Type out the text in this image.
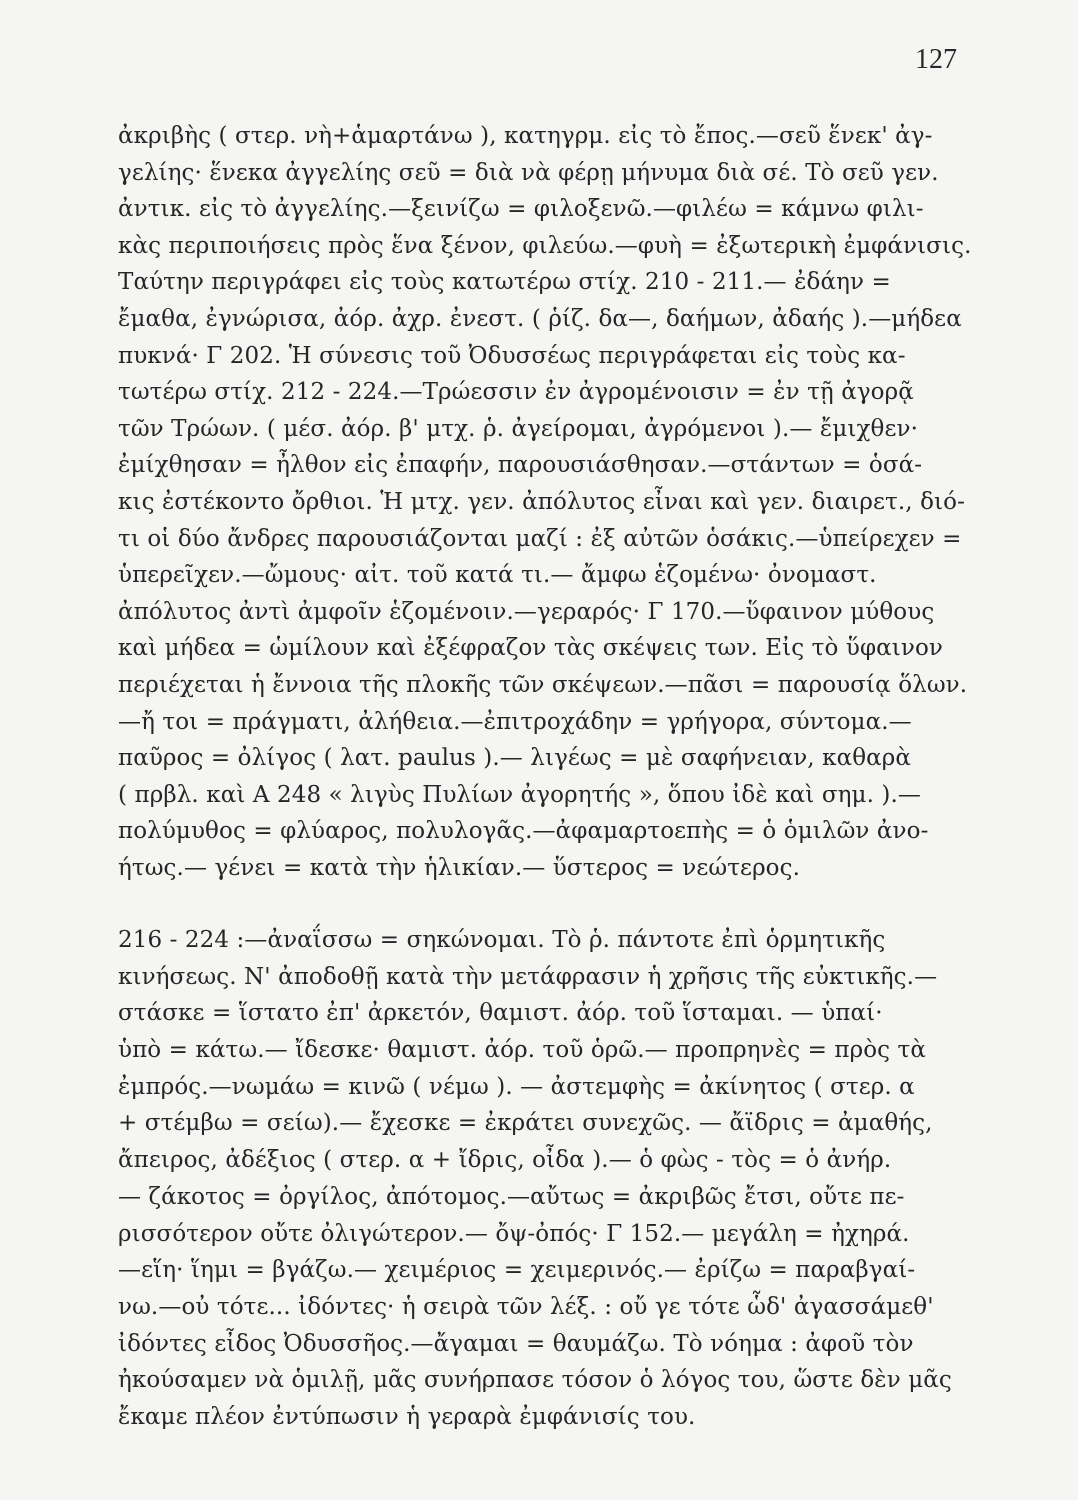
127
ἀκριβὴς ( στερ. νὴ+ἁμαρτάνω ), κατηγρμ. εἰς τὸ ἔπος.—σεῦ ἕνεκ' ἀγ-
γελίης· ἕνεκα ἀγγελίης σεῦ = διὰ νὰ φέρῃ μήνυμα διὰ σέ. Τὸ σεῦ γεν.
ἀντικ. εἰς τὸ ἀγγελίης.—ξεινίζω = φιλοξενῶ.—φιλέω = κάμνω φιλι-
κὰς περιποιήσεις πρὸς ἕνα ξένον, φιλεύω.—φυὴ = ἐξωτερικὴ ἐμφάνισις.
Ταύτην περιγράφει εἰς τοὺς κατωτέρω στίχ. 210 - 211.— ἐδάην =
ἔμαθα, ἐγνώρισα, ἀόρ. ἀχρ. ἐνεστ. ( ῥίζ. δα—, δαήμων, ἀδαής ).—μήδεα
πυκνά· Γ 202. Ἡ σύνεσις τοῦ Ὀδυσσέως περιγράφεται εἰς τοὺς κα-
τωτέρω στίχ. 212 - 224.—Τρώεσσιν ἐν ἀγρομένοισιν = ἐν τῇ ἀγορᾷ
τῶν Τρώων. ( μέσ. ἀόρ. β' μτχ. ῥ. ἀγείρομαι, ἀγρόμενοι ).— ἔμιχθεν·
ἐμίχθησαν = ἦλθον εἰς ἐπαφήν, παρουσιάσθησαν.—στάντων = ὁσά-
κις ἐστέκοντο ὄρθιοι. Ἡ μτχ. γεν. ἀπόλυτος εἶναι καὶ γεν. διαιρετ., διό-
τι οἱ δύο ἄνδρες παρουσιάζονται μαζί : ἐξ αὐτῶν ὁσάκις.—ὑπείρεχεν =
ὑπερεῖχεν.—ὤμους· αἰτ. τοῦ κατά τι.— ἄμφω ἑζομένω· ὀνομαστ.
ἀπόλυτος ἀντὶ ἀμφοῖν ἑζομένοιν.—γεραρός· Γ 170.—ὕφαινον μύθους
καὶ μήδεα = ὡμίλουν καὶ ἐξέφραζον τὰς σκέψεις των. Εἰς τὸ ὕφαινον
περιέχεται ἡ ἔννοια τῆς πλοκῆς τῶν σκέψεων.—πᾶσι = παρουσίᾳ ὅλων.
—ἤ τοι = πράγματι, ἀλήθεια.—ἐπιτροχάδην = γρήγορα, σύντομα.—
παῦρος = ὀλίγος ( λατ. paulus ).— λιγέως = μὲ σαφήνειαν, καθαρὰ
( πρβλ. καὶ Α 248 « λιγὺς Πυλίων ἀγορητής », ὅπου ἰδὲ καὶ σημ. ).—
πολύμυθος = φλύαρος, πολυλογᾶς.—ἀφαμαρτοεπὴς = ὁ ὁμιλῶν ἀνο-
ήτως.— γένει = κατὰ τὴν ἡλικίαν.— ὕστερος = νεώτερος.
216 - 224 :—ἀναΐσσω = σηκώνομαι. Τὸ ῥ. πάντοτε ἐπὶ ὁρμητικῆς
κινήσεως. Ν' ἀποδοθῇ κατὰ τὴν μετάφρασιν ἡ χρῆσις τῆς εὐκτικῆς.—
στάσκε = ἵστατο ἐπ' ἀρκετόν, θαμιστ. ἀόρ. τοῦ ἵσταμαι. — ὑπαί·
ὑπὸ = κάτω.— ἴδεσκε· θαμιστ. ἀόρ. τοῦ ὁρῶ.— προπρηνὲς = πρὸς τὰ
ἐμπρός.—νωμάω = κινῶ ( νέμω ). — ἀστεμφὴς = ἀκίνητος ( στερ. α
+ στέμβω = σείω).— ἔχεσκε = ἐκράτει συνεχῶς. — ἄϊδρις = ἀμαθής,
ἄπειρος, ἀδέξιος ( στερ. α + ἴδρις, οἶδα ).— ὁ φὼς - τὸς = ὁ ἀνήρ.
— ζάκοτος = ὀργίλος, ἀπότομος.—αὔτως = ἀκριβῶς ἔτσι, οὔτε πε-
ρισσότερον οὔτε ὀλιγώτερον.— ὄψ-ὀπός· Γ 152.— μεγάλη = ἠχηρά.
—εἵη· ἵημι = βγάζω.— χειμέριος = χειμερινός.— ἐρίζω = παραβγαί-
νω.—οὐ τότε... ἰδόντες· ἡ σειρὰ τῶν λέξ. : οὔ γε τότε ὧδ' ἀγασσάμεθ'
ἰδόντες εἶδος Ὀδυσσῆος.—ἄγαμαι = θαυμάζω. Τὸ νόημα : ἀφοῦ τὸν
ἠκούσαμεν νὰ ὁμιλῇ, μᾶς συνήρπασε τόσον ὁ λόγος του, ὥστε δὲν μᾶς
ἔκαμε πλέον ἐντύπωσιν ἡ γεραρὰ ἐμφάνισίς του.
